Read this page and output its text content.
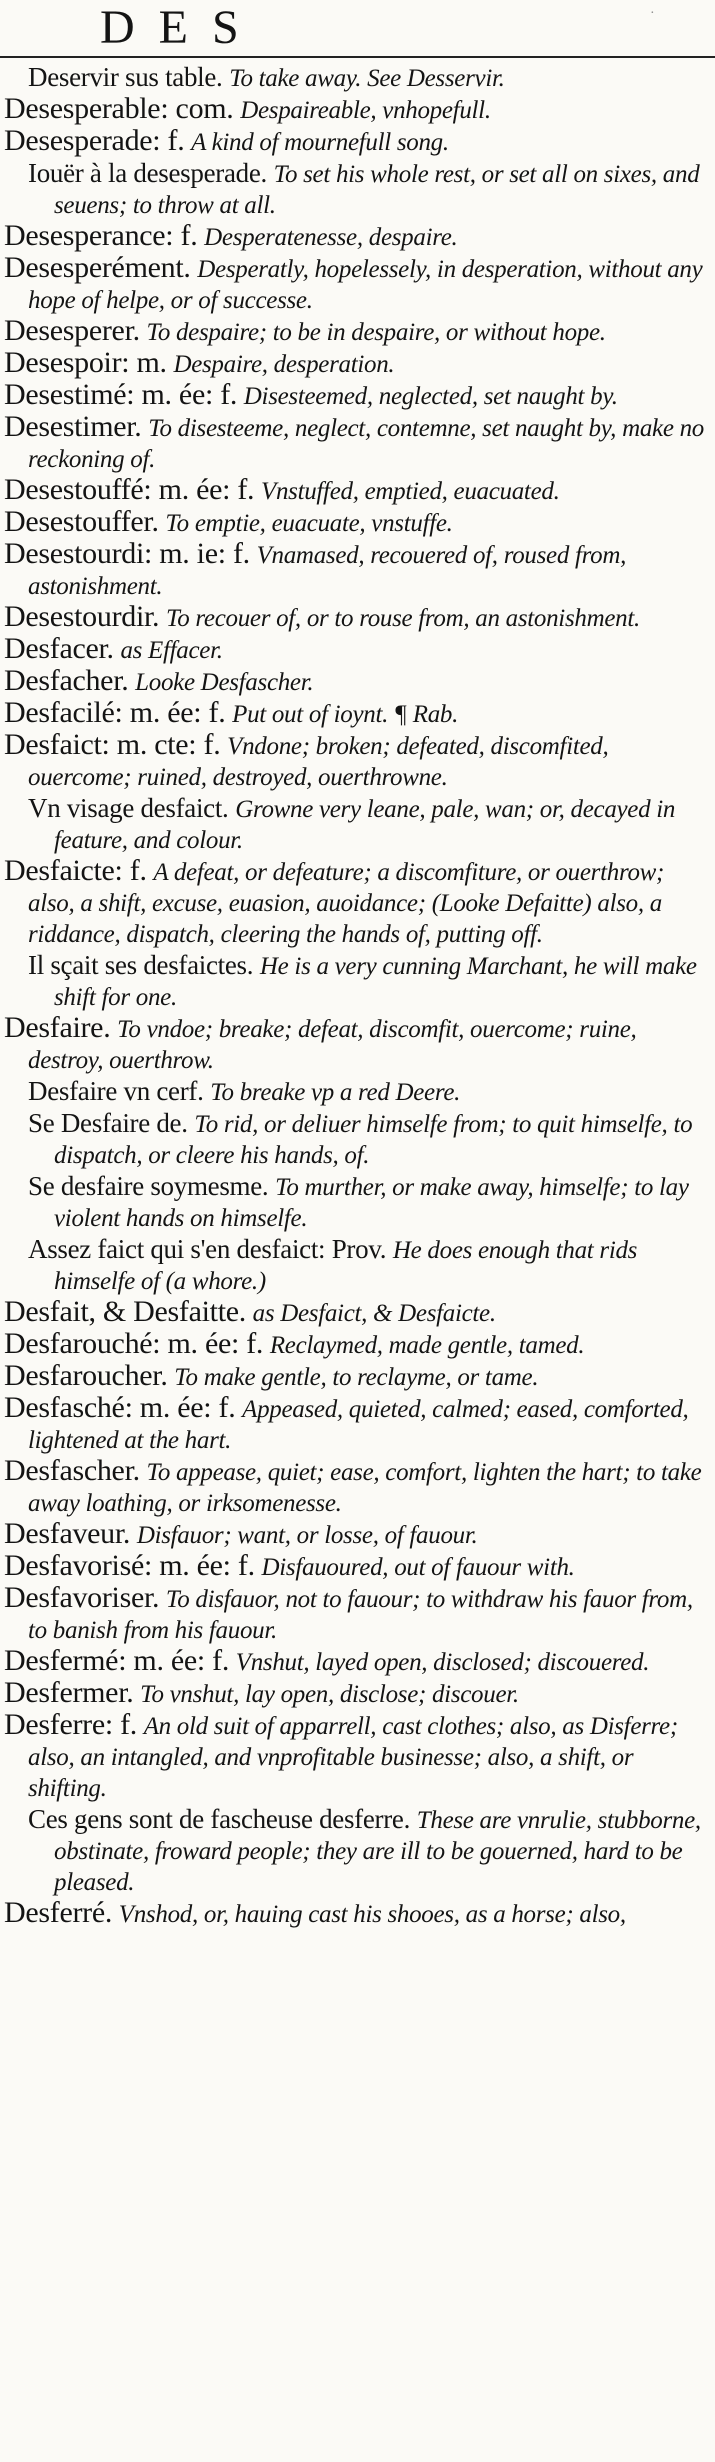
DES	·
Deservir sus table. To take away. See Desservir.
Desesperable: com. Despaireable, vnhopefull.
Desesperade: f. A kind of mournefull song.
Iouër à la desesperade. To set his whole rest, or set all on sixes, and seuens; to throw at all.
Desesperance: f. Desperatenesse, despaire.
Desesperément. Desperatly, hopelessely, in desperation, without any hope of helpe, or of successe.
Desesperer. To despaire; to be in despaire, or without hope.
Desespoir: m. Despaire, desperation.
Desestimé: m. ée: f. Disesteemed, neglected, set naught by.
Desestimer. To disesteeme, neglect, contemne, set naught by, make no reckoning of.
Desestouffé: m. ée: f. Vnstuffed, emptied, euacuated.
Desestouffer. To emptie, euacuate, vnstuffe.
Desestourdi: m. ie: f. Vnamased, recouered of, roused from, astonishment.
Desestourdir. To recouer of, or to rouse from, an astonishment.
Desfacer. as Effacer.
Desfacher. Looke Desfascher.
Desfacilé: m. ée: f. Put out of ioynt. ¶ Rab.
Desfaict: m. cte: f. Vndone; broken; defeated, discomfited, ouercome; ruined, destroyed, ouerthrowne.
Vn visage desfaict. Growne very leane, pale, wan; or, decayed in feature, and colour.
Desfaicte: f. A defeat, or defeature; a discomfiture, or ouerthrow; also, a shift, excuse, euasion, auoidance; (Looke Defaitte) also, a riddance, dispatch, cleering the hands of, putting off.
Il sçait ses desfaictes. He is a very cunning Marchant, he will make shift for one.
Desfaire. To vndoe; breake; defeat, discomfit, ouercome; ruine, destroy, ouerthrow.
Desfaire vn cerf. To breake vp a red Deere.
Se Desfaire de. To rid, or deliuer himselfe from; to quit himselfe, to dispatch, or cleere his hands, of.
Se desfaire soymesme. To murther, or make away, himselfe; to lay violent hands on himselfe.
Assez faict qui s'en desfaict: Prov. He does enough that rids himselfe of (a whore.)
Desfait, & Desfaitte. as Desfaict, & Desfaicte.
Desfarouché: m. ée: f. Reclaymed, made gentle, tamed.
Desfaroucher. To make gentle, to reclayme, or tame.
Desfasché: m. ée: f. Appeased, quieted, calmed; eased, comforted, lightened at the hart.
Desfascher. To appease, quiet; ease, comfort, lighten the hart; to take away loathing, or irksomenesse.
Desfaveur. Disfauor; want, or losse, of fauour.
Desfavorisé: m. ée: f. Disfauoured, out of fauour with.
Desfavoriser. To disfauor, not to fauour; to withdraw his fauor from, to banish from his fauour.
Desfermé: m. ée: f. Vnshut, layed open, disclosed; discouered.
Desfermer. To vnshut, lay open, disclose; discouer.
Desferre: f. An old suit of apparrell, cast clothes; also, as Disferre; also, an intangled, and vnprofitable businesse; also, a shift, or shifting.
Ces gens sont de fascheuse desferre. These are vnrulie, stubborne, obstinate, froward people; they are ill to be gouerned, hard to be pleased.
Desferré. Vnshod, or, hauing cast his shooes, as a horse; also,
